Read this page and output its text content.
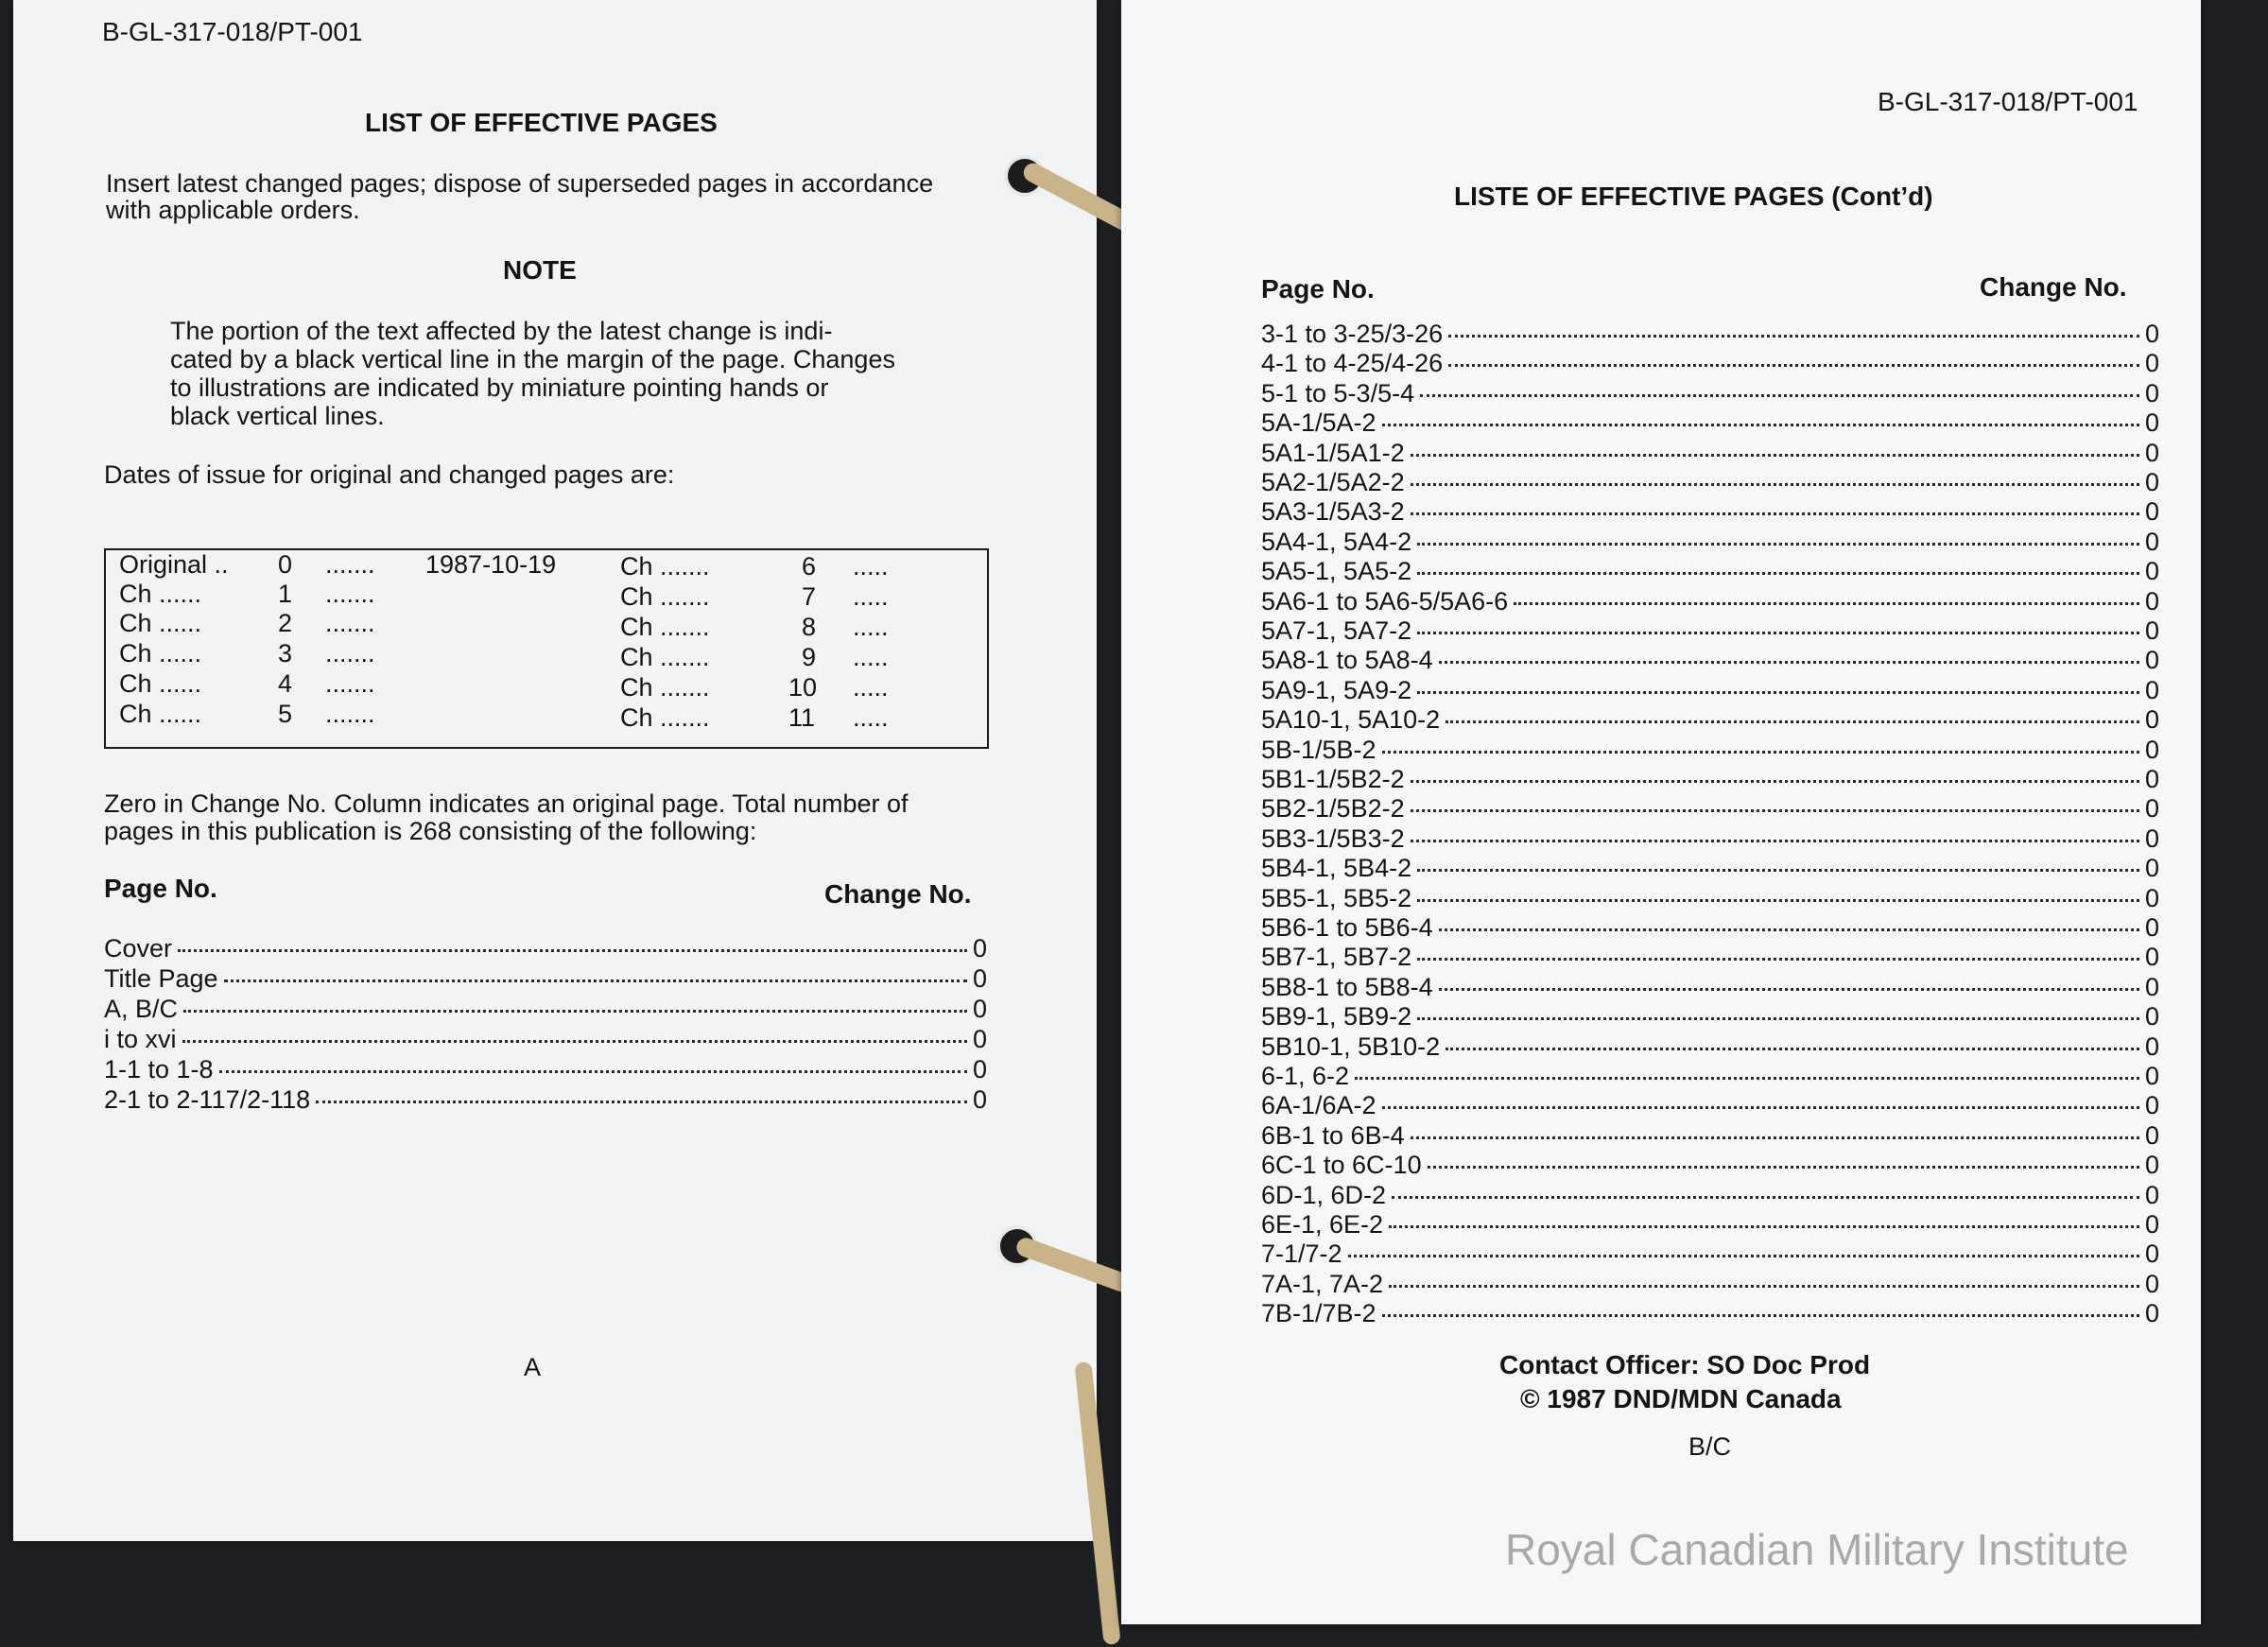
B-GL-317-018/PT-001
LIST OF EFFECTIVE PAGES
Insert latest changed pages; dispose of superseded pages in accordance
with applicable orders.
NOTE
The portion of the text affected by the latest change is indi-
cated by a black vertical line in the margin of the page. Changes
to illustrations are indicated by miniature pointing hands or
black vertical lines.
Dates of issue for original and changed pages are:
Original .. 0 ....... 1987-10-19
Ch ......	1 .......
Ch ......	2 .......
Ch ......	3 .......
Ch ......	4 .......
Ch ......	5 .......
Ch .......	6 .....
Ch .......	7 .....
Ch .......	8 .....
Ch .......	9 .....
Ch .......	10 .....
Ch .......	11 .....
Zero in Change No. Column indicates an original page. Total number of
pages in this publication is 268 consisting of the following:
Page No.	Change No.
Cover	0
Title Page	0
A, B/C	0
i to xvi	0
1-1 to 1-8	0
2-1 to 2-117/2-118	0
A
B-GL-317-018/PT-001
LISTE OF EFFECTIVE PAGES (Cont’d)
Page No.	Change No.
3-1 to 3-25/3-26	0
4-1 to 4-25/4-26	0
5-1 to 5-3/5-4	0
5A-1/5A-2	0
5A1-1/5A1-2	0
5A2-1/5A2-2	0
5A3-1/5A3-2	0
5A4-1, 5A4-2	0
5A5-1, 5A5-2	0
5A6-1 to 5A6-5/5A6-6	0
5A7-1, 5A7-2	0
5A8-1 to 5A8-4	0
5A9-1, 5A9-2	0
5A10-1, 5A10-2	0
5B-1/5B-2	0
5B1-1/5B2-2	0
5B2-1/5B2-2	0
5B3-1/5B3-2	0
5B4-1, 5B4-2	0
5B5-1, 5B5-2	0
5B6-1 to 5B6-4	0
5B7-1, 5B7-2	0
5B8-1 to 5B8-4	0
5B9-1, 5B9-2	0
5B10-1, 5B10-2	0
6-1, 6-2	0
6A-1/6A-2	0
6B-1 to 6B-4	0
6C-1 to 6C-10	0
6D-1, 6D-2	0
6E-1, 6E-2	0
7-1/7-2	0
7A-1, 7A-2	0
7B-1/7B-2	0
Contact Officer: SO Doc Prod
© 1987 DND/MDN Canada
B/C
Royal Canadian Military Institute
